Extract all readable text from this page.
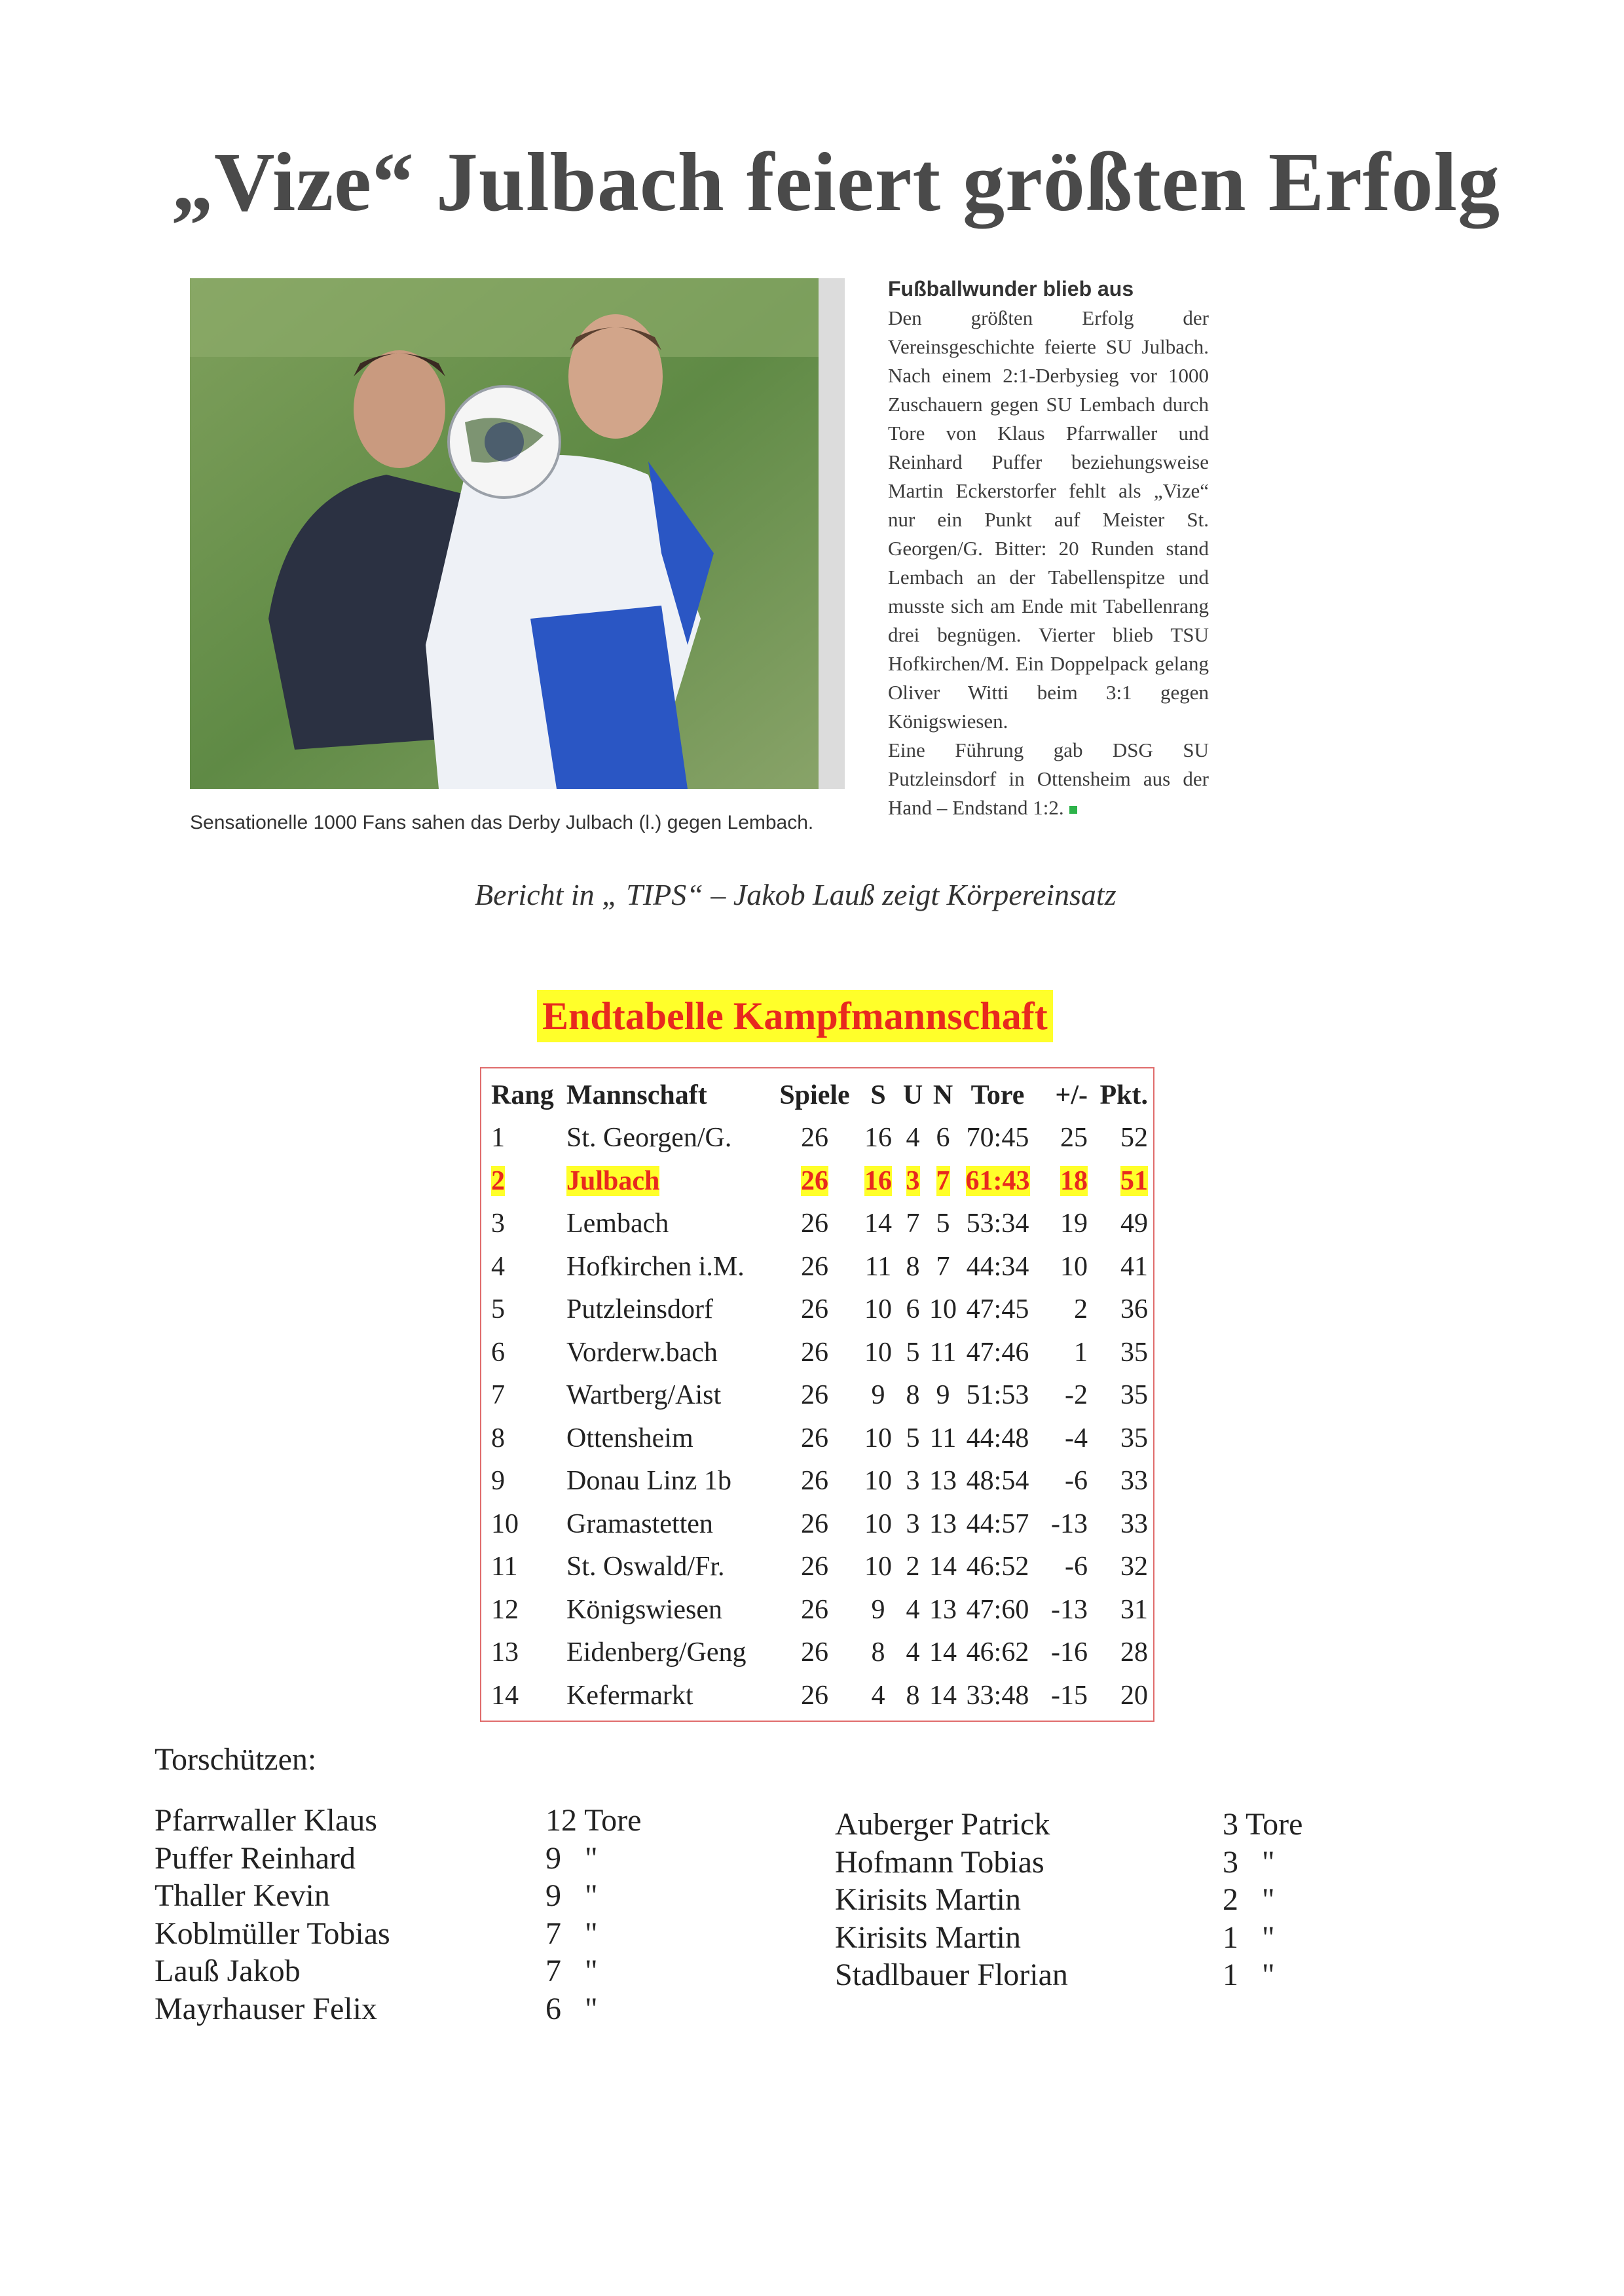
„Vize“ Julbach feiert größten Erfolg
Sensationelle 1000 Fans sahen das Derby Julbach (l.) gegen Lembach.
Fußballwunder blieb aus
Den größten Erfolg der Vereinsgeschichte feierte SU Julbach. Nach einem 2:1-Derbysieg vor 1000 Zuschauern gegen SU Lembach durch Tore von Klaus Pfarrwaller und Reinhard Puffer beziehungsweise Martin Eckerstorfer fehlt als „Vize“ nur ein Punkt auf Meister St. Georgen/G. Bitter: 20 Runden stand Lembach an der Tabellenspitze und musste sich am Ende mit Tabellenrang drei begnügen. Vierter blieb TSU Hofkirchen/M. Ein Doppelpack gelang Oliver Witti beim 3:1 gegen Königswiesen.
Eine Führung gab DSG SU Putzleinsdorf in Ottensheim aus der Hand – Endstand 1:2.
Bericht in „ TIPS“ – Jakob Lauß zeigt Körpereinsatz
Endtabelle Kampfmannschaft
Rang	Mannschaft	Spiele	S	U	N	Tore	+/-	Pkt.
1	St. Georgen/G.	26	16	4	6	70:45	25	52
2	Julbach	26	16	3	7	61:43	18	51
3	Lembach	26	14	7	5	53:34	19	49
4	Hofkirchen i.M.	26	11	8	7	44:34	10	41
5	Putzleinsdorf	26	10	6	10	47:45	2	36
6	Vorderw.bach	26	10	5	11	47:46	1	35
7	Wartberg/Aist	26	9	8	9	51:53	-2	35
8	Ottensheim	26	10	5	11	44:48	-4	35
9	Donau Linz 1b	26	10	3	13	48:54	-6	33
10	Gramastetten	26	10	3	13	44:57	-13	33
11	St. Oswald/Fr.	26	10	2	14	46:52	-6	32
12	Königswiesen	26	9	4	13	47:60	-13	31
13	Eidenberg/Geng	26	8	4	14	46:62	-16	28
14	Kefermarkt	26	4	8	14	33:48	-15	20
Torschützen:
Pfarrwaller Klaus	12 Tore
Puffer Reinhard	9   "
Thaller Kevin	9   "
Koblmüller Tobias	7   "
Lauß Jakob	7   "
Mayrhauser Felix	6   "
Auberger Patrick	3 Tore
Hofmann Tobias	3   "
Kirisits Martin	2   "
Kirisits Martin	1   "
Stadlbauer Florian	1   "
